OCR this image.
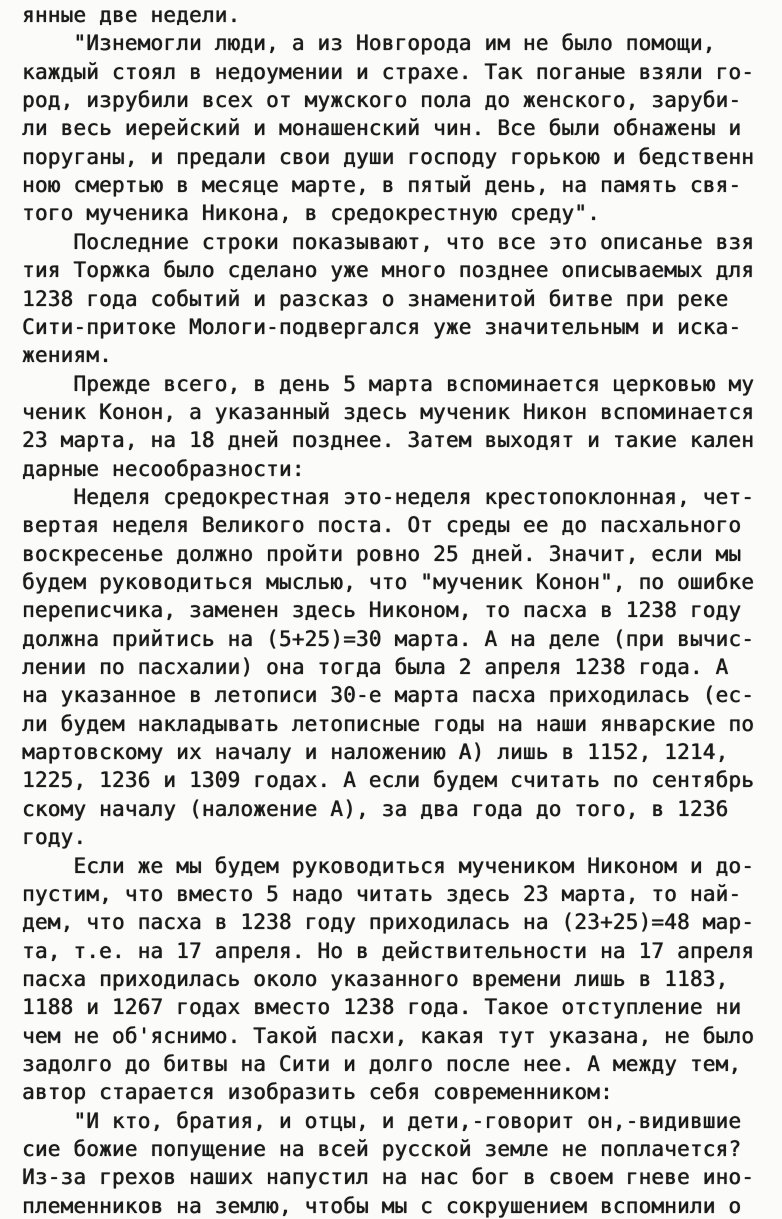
янные две недели.
"Изнемогли люди, а из Новгорода им не было помощи,
каждый стоял в недоумении и страхе. Так поганые взяли го-
род, изрубили всех от мужского пола до женского, заруби-
ли весь иерейский и монашенский чин. Все были обнажены и
поруганы, и предали свои души господу горькою и бедственн
ною смертью в месяце марте, в пятый день, на память свя-
того мученика Никона, в средокрестную среду".
Последние строки показывают, что все это описанье взя
тия Торжка было сделано уже много позднее описываемых для
1238 года событий и разсказ о знаменитой битве при реке
Сити-притоке Мологи-подвергался уже значительным и иска-
жениям.
Прежде всего, в день 5 марта вспоминается церковью му
ченик Конон, а указанный здесь мученик Никон вспоминается
23 марта, на 18 дней позднее. Затем выходят и такие кален
дарные несообразности:
Неделя средокрестная это-неделя крестопоклонная, чет-
вертая неделя Великого поста. От среды ее до пасхального
воскресенье должно пройти ровно 25 дней. Значит, если мы
будем руководиться мыслью, что "мученик Конон", по ошибке
переписчика, заменен здесь Никоном, то пасха в 1238 году
должна прийтись на (5+25)=30 марта. А на деле (при вычис-
лении по пасхалии) она тогда была 2 апреля 1238 года. А
на указанное в летописи 30-е марта пасха приходилась (ес-
ли будем накладывать летописные годы на наши январские по
мартовскому их началу и наложению А) лишь в 1152, 1214,
1225, 1236 и 1309 годах. А если будем считать по сентябрь
скому началу (наложение А), за два года до того, в 1236
году.
Если же мы будем руководиться мучеником Никоном и до-
пустим, что вместо 5 надо читать здесь 23 марта, то най-
дем, что пасха в 1238 году приходилась на (23+25)=48 мар-
та, т.е. на 17 апреля. Но в действительности на 17 апреля
пасха приходилась около указанного времени лишь в 1183,
1188 и 1267 годах вместо 1238 года. Такое отступление ни
чем не об'яснимо. Такой пасхи, какая тут указана, не было
задолго до битвы на Сити и долго после нее. А между тем,
автор старается изобразить себя современником:
"И кто, братия, и отцы, и дети,-говорит он,-видившие
сие божие попущение на всей русской земле не поплачется?
Из-за грехов наших напустил на нас бог в своем гневе ино-
племенников на землю, чтобы мы с сокрушением вспомнили о
